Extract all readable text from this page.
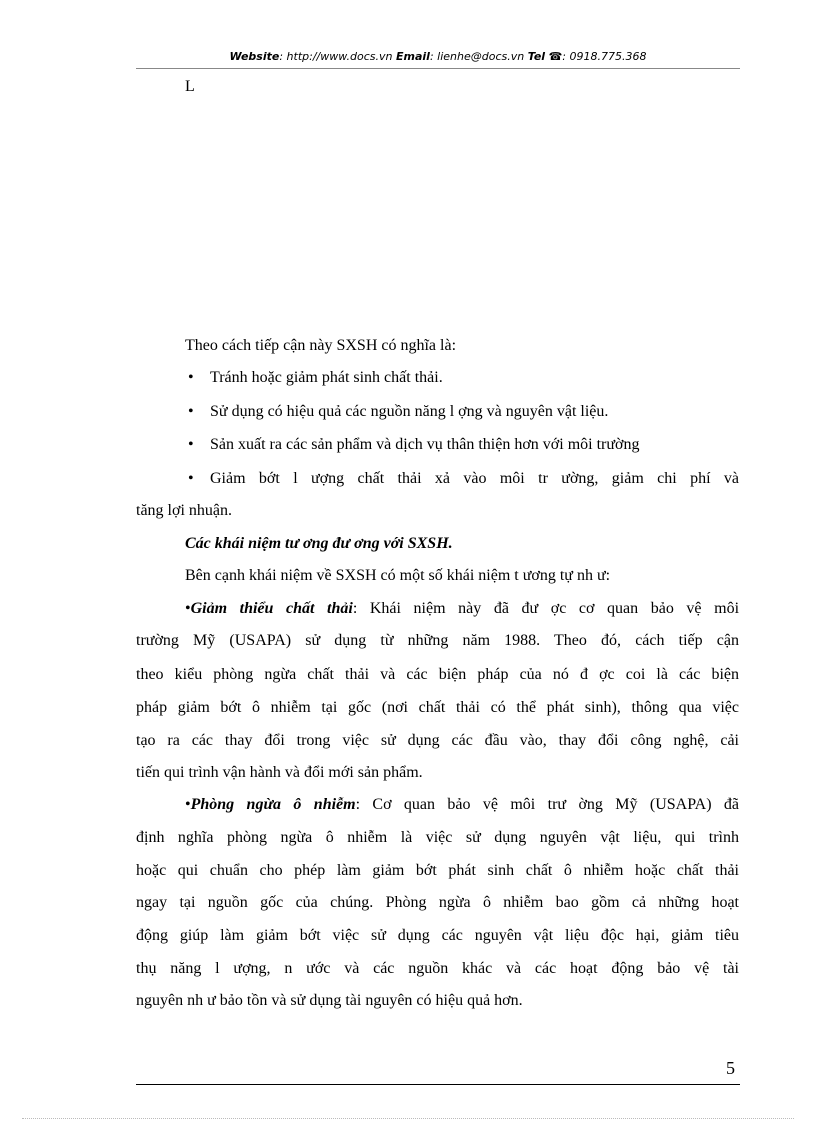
Website: http://www.docs.vn Email: lienhe@docs.vn Tel ☎: 0918.775.368
L

Theo cách tiếp cận này SXSH có nghĩa là:

• Tránh hoặc giảm phát sinh chất thải.
• Sử dụng có hiệu quả các nguồn năng l ợng và nguyên vật liệu.
• Sản xuất ra các sản phẩm và dịch vụ thân thiện hơn với môi trường
• Giảm bớt l ượng chất thải xả vào môi tr ường, giảm chi phí và

tăng lợi nhuận.

Các khái niệm tư ơng đư ơng với SXSH.

Bên cạnh khái niệm về SXSH có một số khái niệm t ương tự nh ư:

•Giảm thiểu chất thải: Khái niệm này đã đư ợc cơ quan bảo vệ môi

trường Mỹ (USAPA) sử dụng từ những năm 1988. Theo đó, cách tiếp cận

theo kiểu phòng ngừa chất thải và các biện pháp của nó đ ợc coi là các biện

pháp giảm bớt ô nhiễm tại gốc (nơi chất thải có thể phát sinh), thông qua việc

tạo ra các thay đổi trong việc sử dụng các đầu vào, thay đổi công nghệ, cải

tiến qui trình vận hành và đổi mới sản phẩm.

•Phòng ngừa ô nhiễm: Cơ quan bảo vệ môi trư ờng Mỹ (USAPA) đã

định nghĩa phòng ngừa ô nhiễm là việc sử dụng nguyên vật liệu, qui trình

hoặc qui chuẩn cho phép làm giảm bớt phát sinh chất ô nhiễm hoặc chất thải

ngay tại nguồn gốc của chúng. Phòng ngừa ô nhiễm bao gồm cả những hoạt

động giúp làm giảm bớt việc sử dụng các nguyên vật liệu độc hại, giảm tiêu

thụ năng l ượng, n ước và các nguồn khác và các hoạt động bảo vệ tài

nguyên nh ư bảo tồn và sử dụng tài nguyên có hiệu quả hơn.

5
